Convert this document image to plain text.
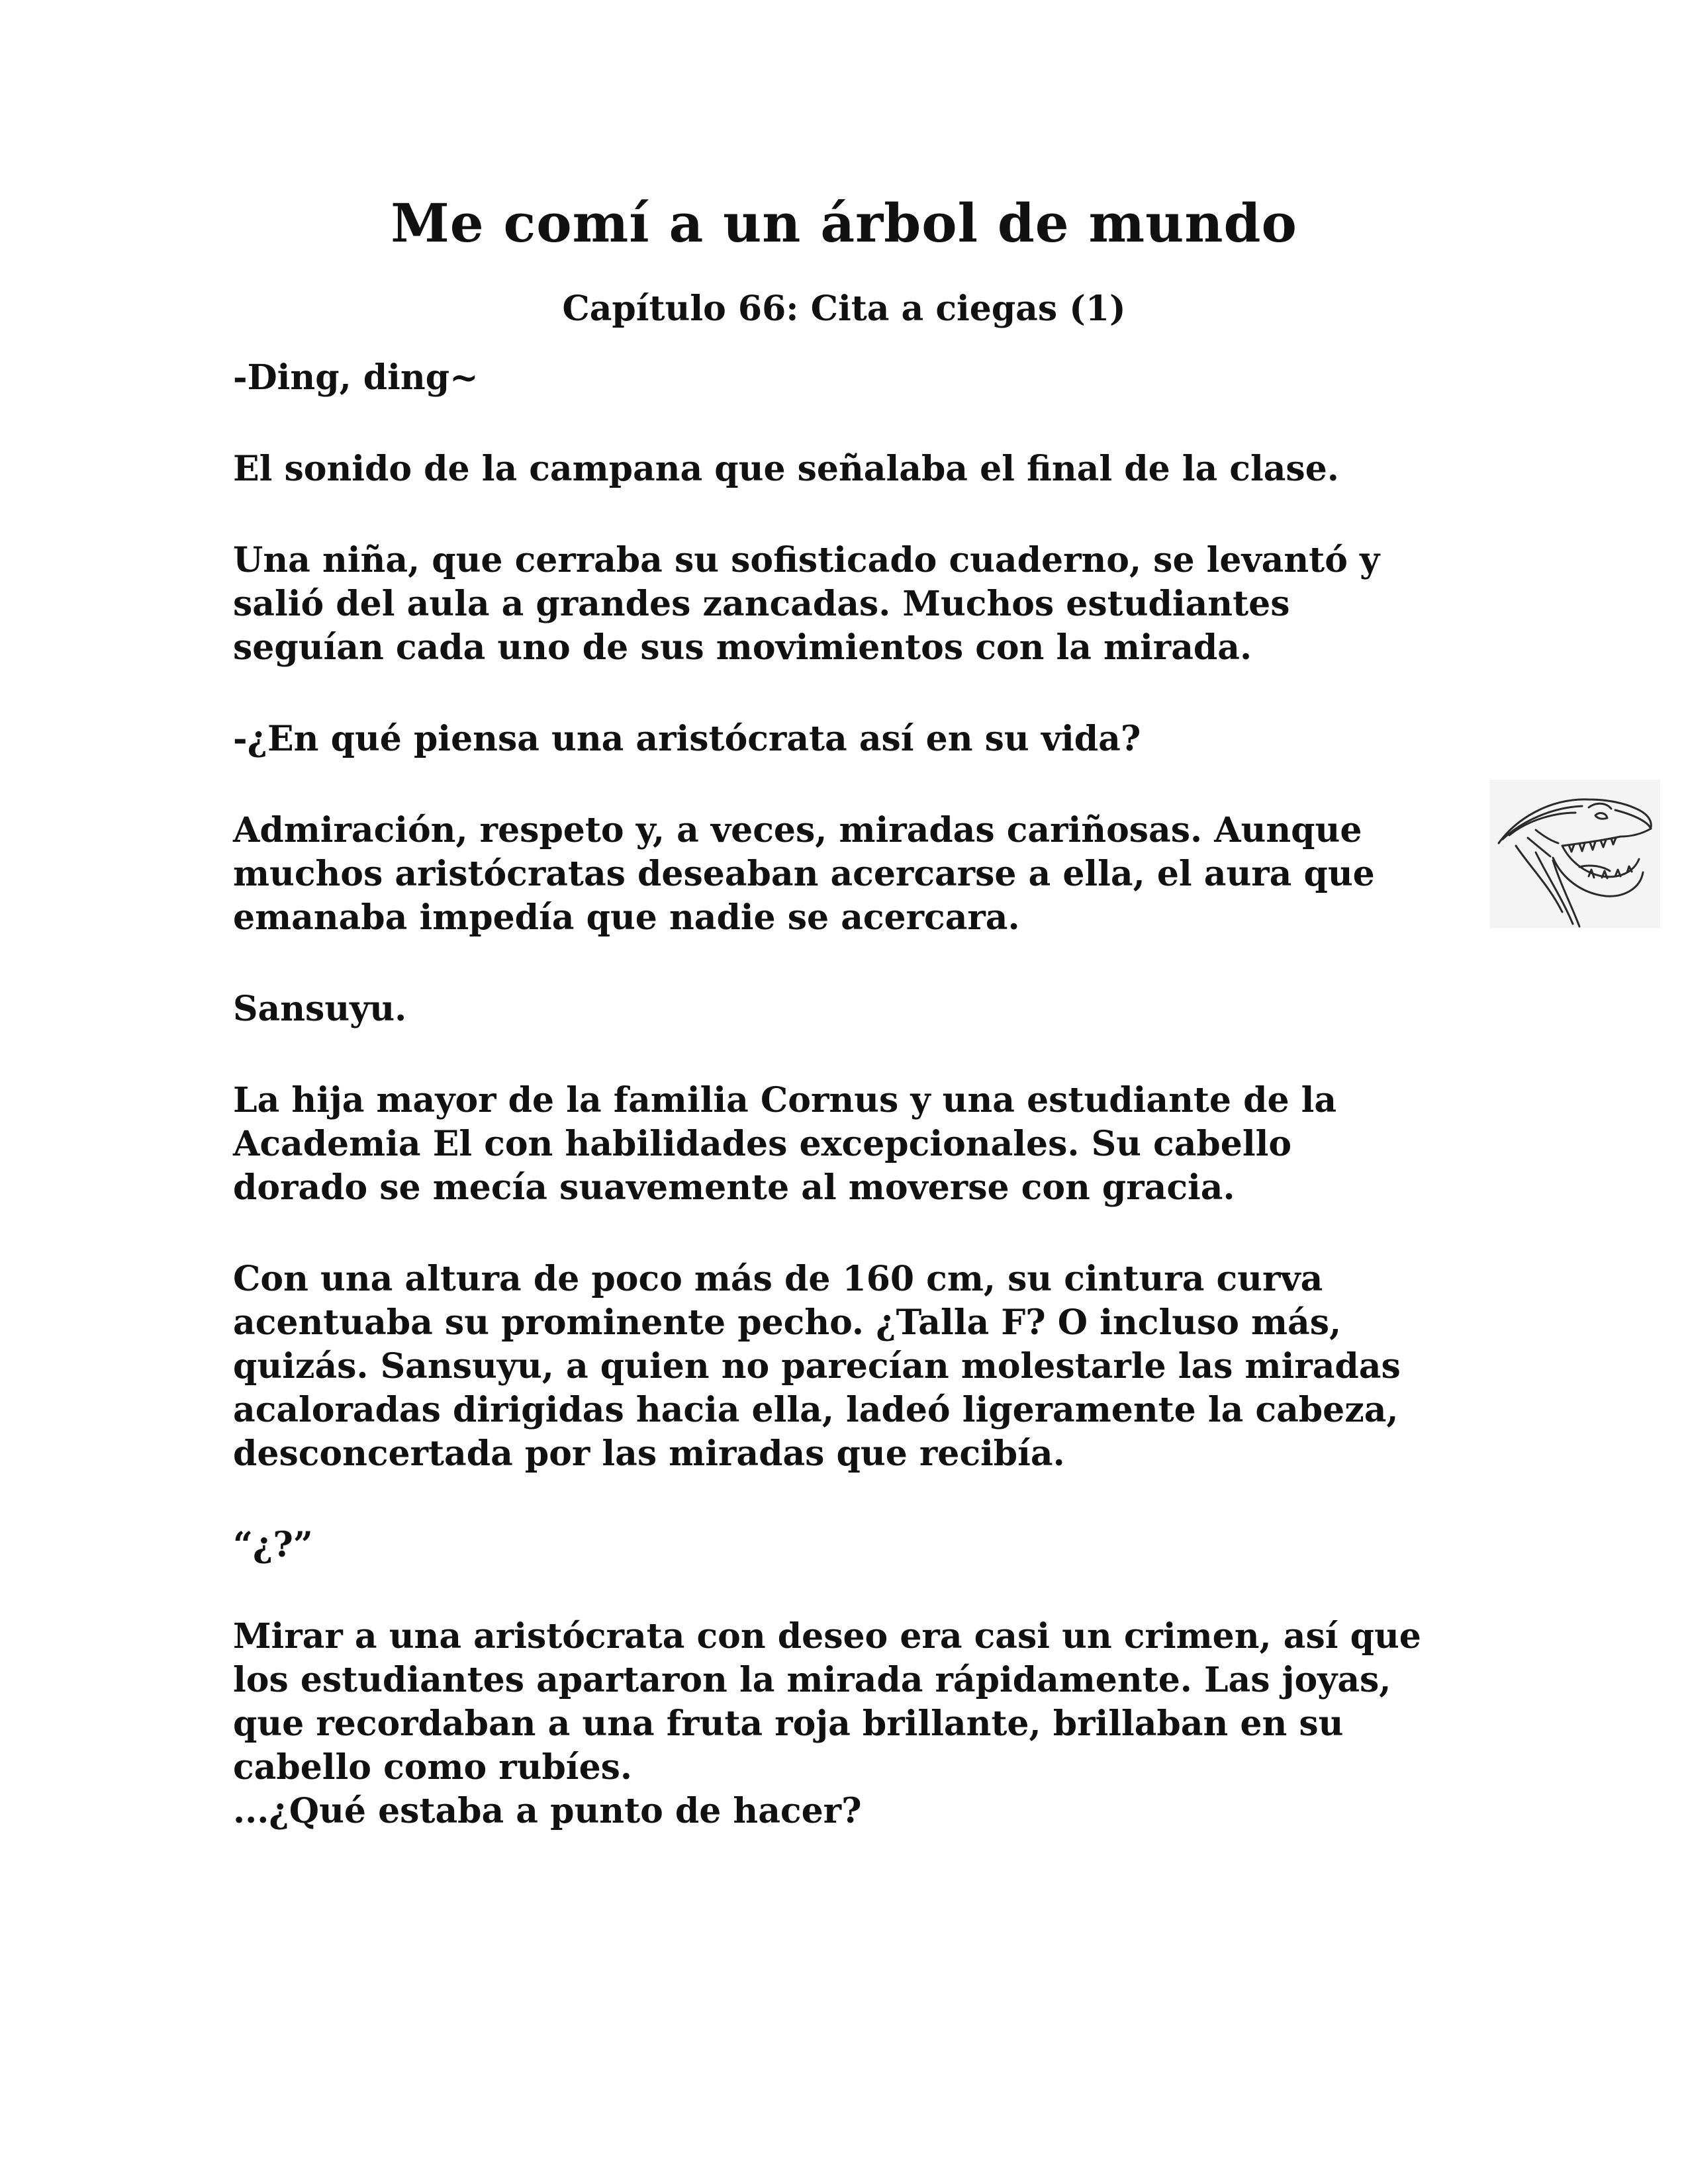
Me comí a un árbol de mundo
Capítulo 66: Cita a ciegas (1)

-Ding, ding~

El sonido de la campana que señalaba el final de la clase.

Una niña, que cerraba su sofisticado cuaderno, se levantó y
salió del aula a grandes zancadas. Muchos estudiantes
seguían cada uno de sus movimientos con la mirada.

-¿En qué piensa una aristócrata así en su vida?

Admiración, respeto y, a veces, miradas cariñosas. Aunque
muchos aristócratas deseaban acercarse a ella, el aura que
emanaba impedía que nadie se acercara.

Sansuyu.

La hija mayor de la familia Cornus y una estudiante de la
Academia El con habilidades excepcionales. Su cabello
dorado se mecía suavemente al moverse con gracia.

Con una altura de poco más de 160 cm, su cintura curva
acentuaba su prominente pecho. ¿Talla F? O incluso más,
quizás. Sansuyu, a quien no parecían molestarle las miradas
acaloradas dirigidas hacia ella, ladeó ligeramente la cabeza,
desconcertada por las miradas que recibía.

“¿?”

Mirar a una aristócrata con deseo era casi un crimen, así que
los estudiantes apartaron la mirada rápidamente. Las joyas,
que recordaban a una fruta roja brillante, brillaban en su
cabello como rubíes.

...¿Qué estaba a punto de hacer?
